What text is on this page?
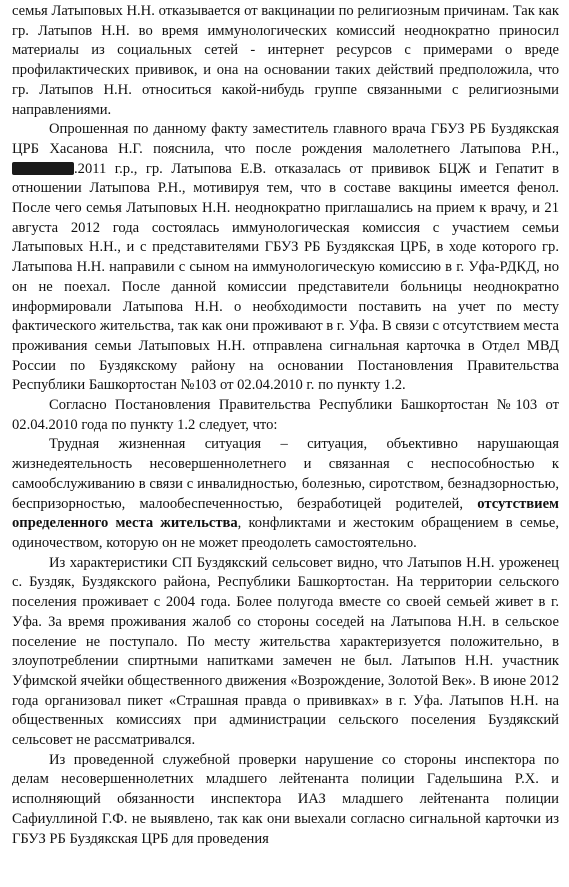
семья Латыповых Н.Н. отказывается от вакцинации по религиозным причинам. Так как гр. Латыпов Н.Н. во время иммунологических комиссий неоднократно приносил материалы из социальных сетей - интернет ресурсов с примерами о вреде профилактических прививок, и она на основании таких действий предположила, что гр. Латыпов Н.Н. относиться какой-нибудь группе связанными с религиозными направлениями.

Опрошенная по данному факту заместитель главного врача ГБУЗ РБ Буздякская ЦРБ Хасанова Н.Г. пояснила, что после рождения малолетнего Латыпова Р.Н., .2011 г.р., гр. Латыпова Е.В. отказалась от прививок БЦЖ и Гепатит в отношении Латыпова Р.Н., мотивируя тем, что в составе вакцины имеется фенол. После чего семья Латыповых Н.Н. неоднократно приглашались на прием к врачу, и 21 августа 2012 года состоялась иммунологическая комиссия с участием семьи Латыповых Н.Н., и с представителями ГБУЗ РБ Буздякская ЦРБ, в ходе которого гр. Латыпова Н.Н. направили с сыном на иммунологическую комиссию в г. Уфа-РДКД, но он не поехал. После данной комиссии представители больницы неоднократно информировали Латыпова Н.Н. о необходимости поставить на учет по месту фактического жительства, так как они проживают в г. Уфа. В связи с отсутствием места проживания семьи Латыповых Н.Н. отправлена сигнальная карточка в Отдел МВД России по Буздякскому району на основании Постановления Правительства Республики Башкортостан №103 от 02.04.2010 г. по пункту 1.2.

Согласно Постановления Правительства Республики Башкортостан №103 от 02.04.2010 года по пункту 1.2 следует, что:

Трудная жизненная ситуация – ситуация, объективно нарушающая жизнедеятельность несовершеннолетнего и связанная с неспособностью к самообслуживанию в связи с инвалидностью, болезнью, сиротством, безнадзорностью, беспризорностью, малообеспеченностью, безработицей родителей, отсутствием определенного места жительства, конфликтами и жестоким обращением в семье, одиночеством, которую он не может преодолеть самостоятельно.

Из характеристики СП Буздякский сельсовет видно, что Латыпов Н.Н. уроженец с. Буздяк, Буздякского района, Республики Башкортостан. На территории сельского поселения проживает с 2004 года. Более полугода вместе со своей семьей живет в г. Уфа. За время проживания жалоб со стороны соседей на Латыпова Н.Н. в сельское поселение не поступало. По месту жительства характеризуется положительно, в злоупотреблении спиртными напитками замечен не был. Латыпов Н.Н. участник Уфимской ячейки общественного движения «Возрождение, Золотой Век». В июне 2012 года организовал пикет «Страшная правда о прививках» в г. Уфа. Латыпов Н.Н. на общественных комиссиях при администрации сельского поселения Буздякский сельсовет не рассматривался.

Из проведенной служебной проверки нарушение со стороны инспектора по делам несовершеннолетних младшего лейтенанта полиции Гадельшина Р.Х. и исполняющий обязанности инспектора ИАЗ младшего лейтенанта полиции Сафиуллиной Г.Ф. не выявлено, так как они выехали согласно сигнальной карточки из ГБУЗ РБ Буздякская ЦРБ для проведения
